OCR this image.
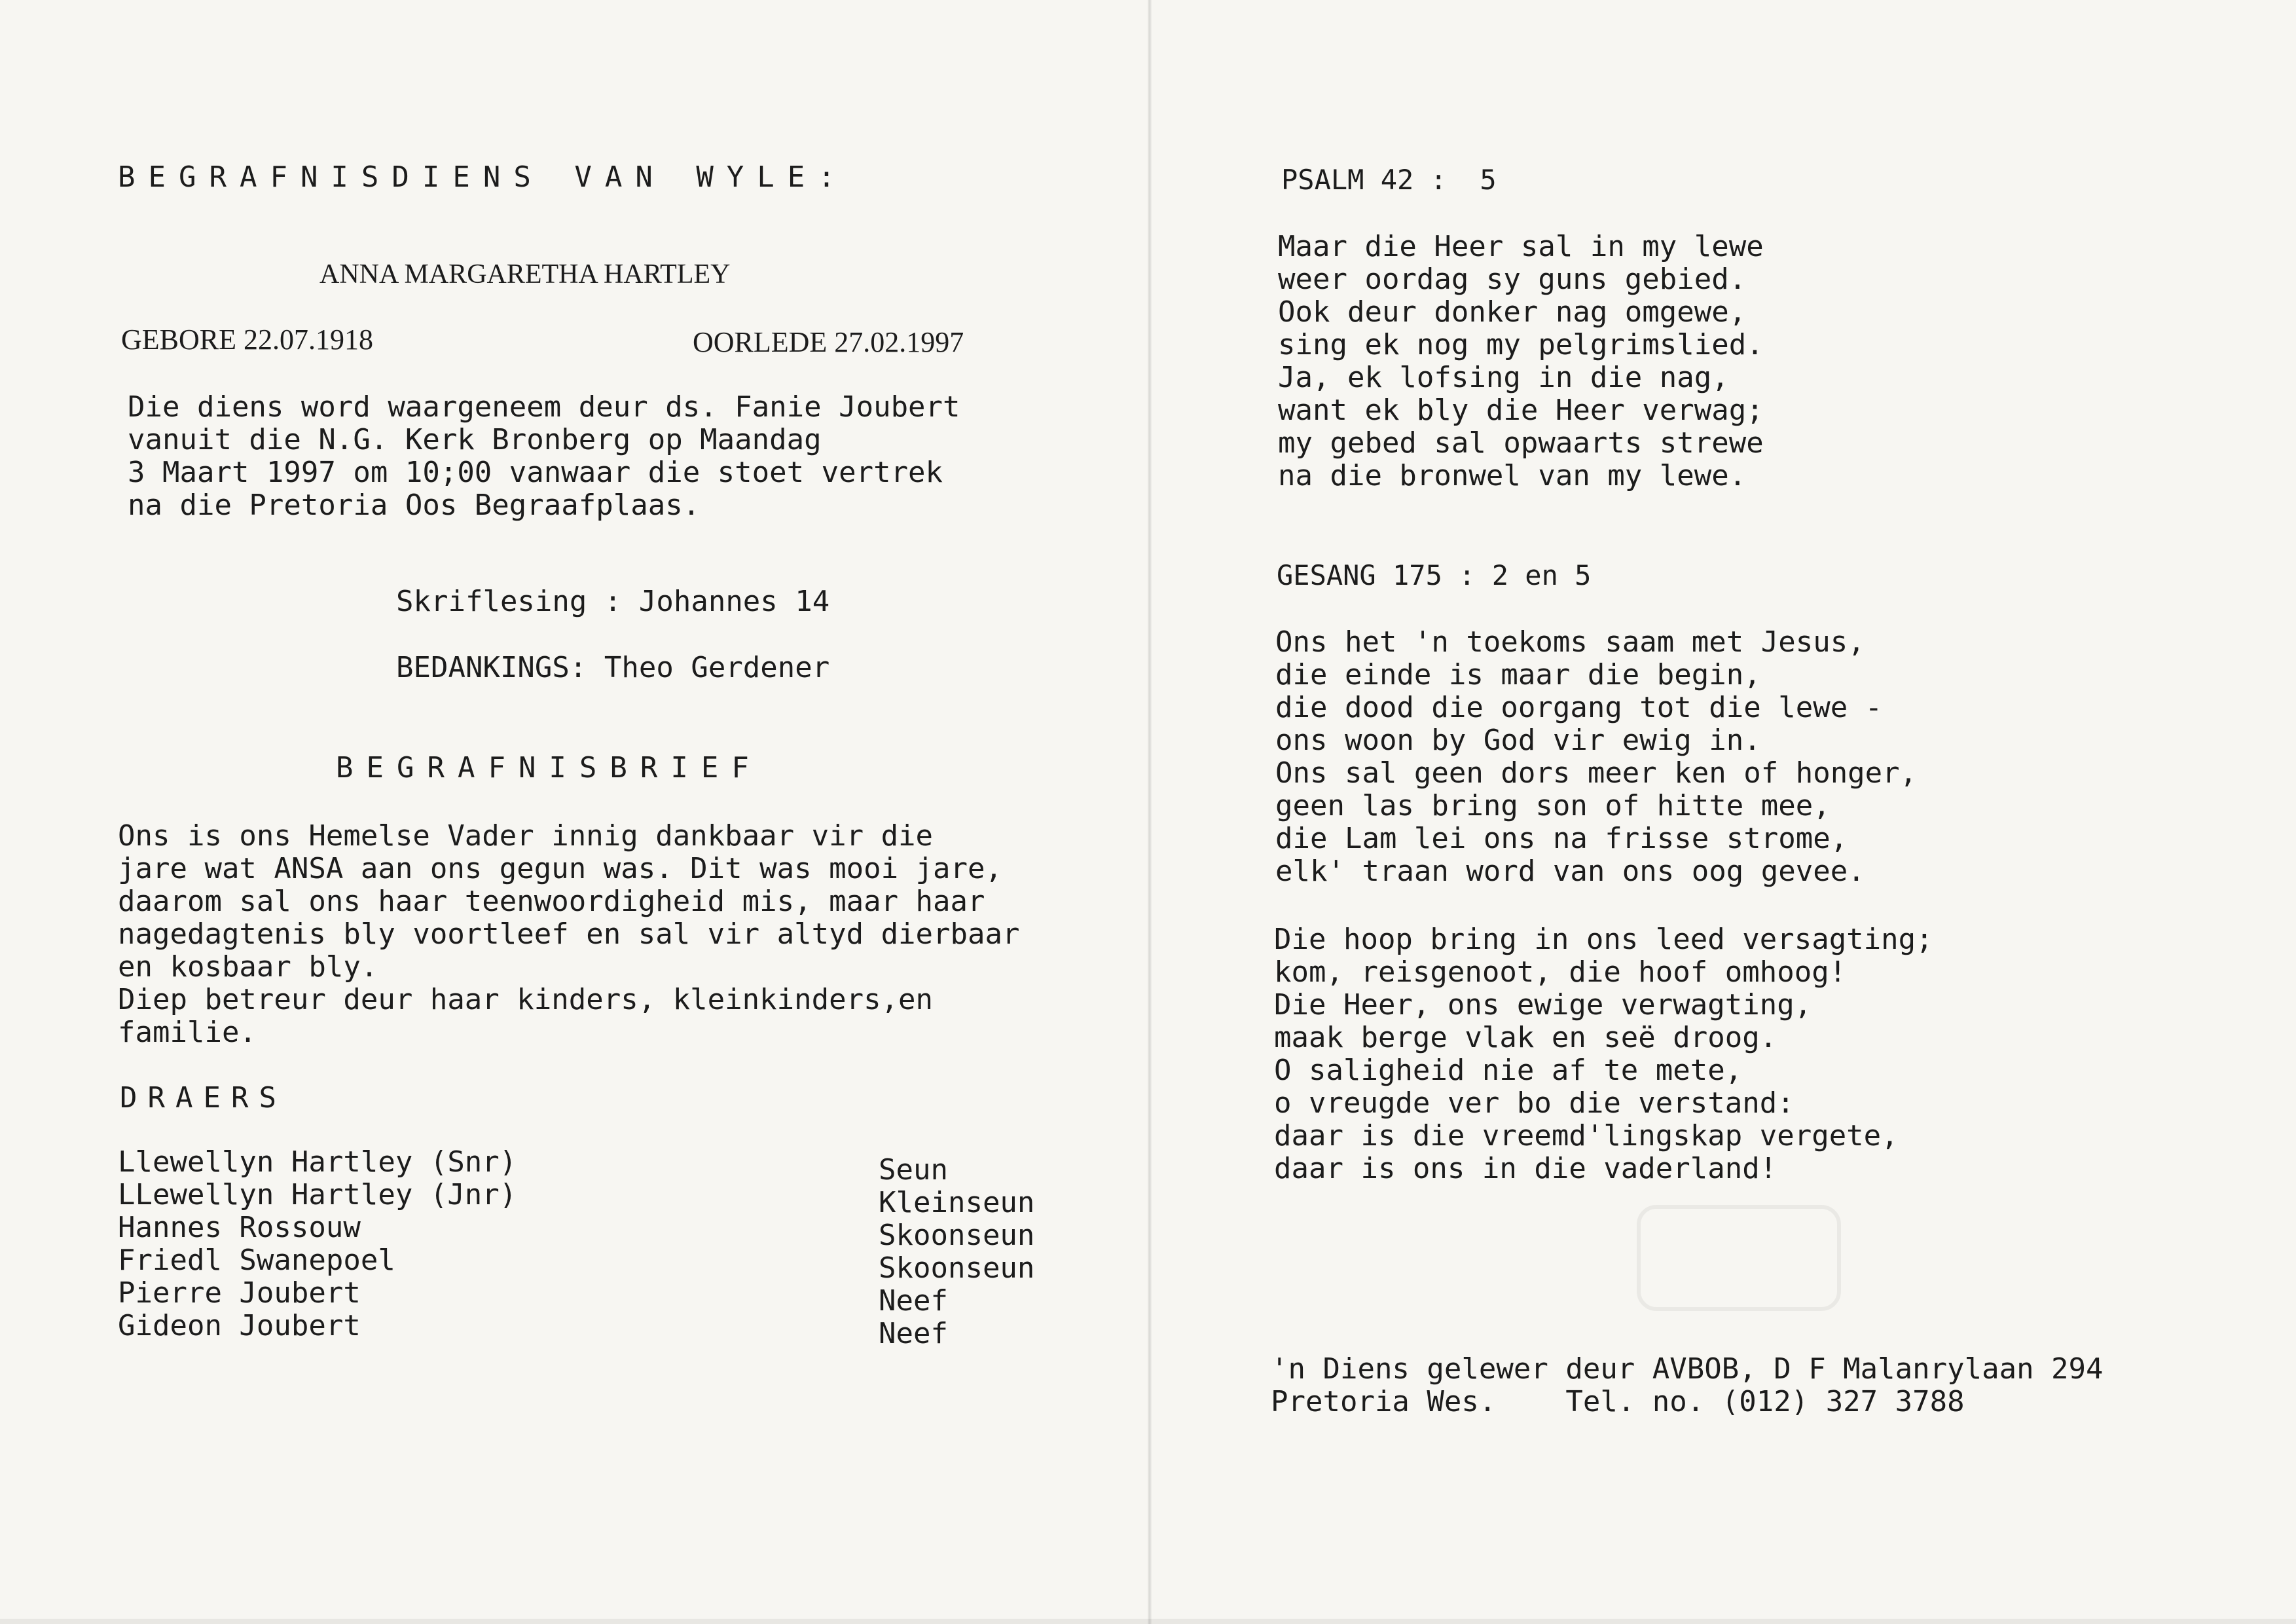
BEGRAFNISDIENS VAN WYLE:
ANNA MARGARETHA HARTLEY
GEBORE 22.07.1918	OORLEDE 27.02.1997
Die diens word waargeneem deur ds. Fanie Joubert
vanuit die N.G. Kerk Bronberg op Maandag
3 Maart 1997 om 10;00 vanwaar die stoet vertrek
na die Pretoria Oos Begraafplaas.
Skriflesing : Johannes 14
BEDANKINGS: Theo Gerdener
BEGRAFNISBRIEF
Ons is ons Hemelse Vader innig dankbaar vir die
jare wat ANSA aan ons gegun was. Dit was mooi jare,
daarom sal ons haar teenwoordigheid mis, maar haar
nagedagtenis bly voortleef en sal vir altyd dierbaar
en kosbaar bly.
Diep betreur deur haar kinders, kleinkinders,en
familie.
DRAERS
Llewellyn Hartley (Snr)
LLewellyn Hartley (Jnr)
Hannes Rossouw
Friedl Swanepoel
Pierre Joubert
Gideon Joubert
Seun
Kleinseun
Skoonseun
Skoonseun
Neef
Neef
PSALM 42 :  5
Maar die Heer sal in my lewe
weer oordag sy guns gebied.
Ook deur donker nag omgewe,
sing ek nog my pelgrimslied.
Ja, ek lofsing in die nag,
want ek bly die Heer verwag;
my gebed sal opwaarts strewe
na die bronwel van my lewe.
GESANG 175 : 2 en 5
Ons het 'n toekoms saam met Jesus,
die einde is maar die begin,
die dood die oorgang tot die lewe -
ons woon by God vir ewig in.
Ons sal geen dors meer ken of honger,
geen las bring son of hitte mee,
die Lam lei ons na frisse strome,
elk' traan word van ons oog gevee.
Die hoop bring in ons leed versagting;
kom, reisgenoot, die hoof omhoog!
Die Heer, ons ewige verwagting,
maak berge vlak en seë droog.
O saligheid nie af te mete,
o vreugde ver bo die verstand:
daar is die vreemd'lingskap vergete,
daar is ons in die vaderland!
'n Diens gelewer deur AVBOB, D F Malanrylaan 294
Pretoria Wes.    Tel. no. (012) 327 3788
